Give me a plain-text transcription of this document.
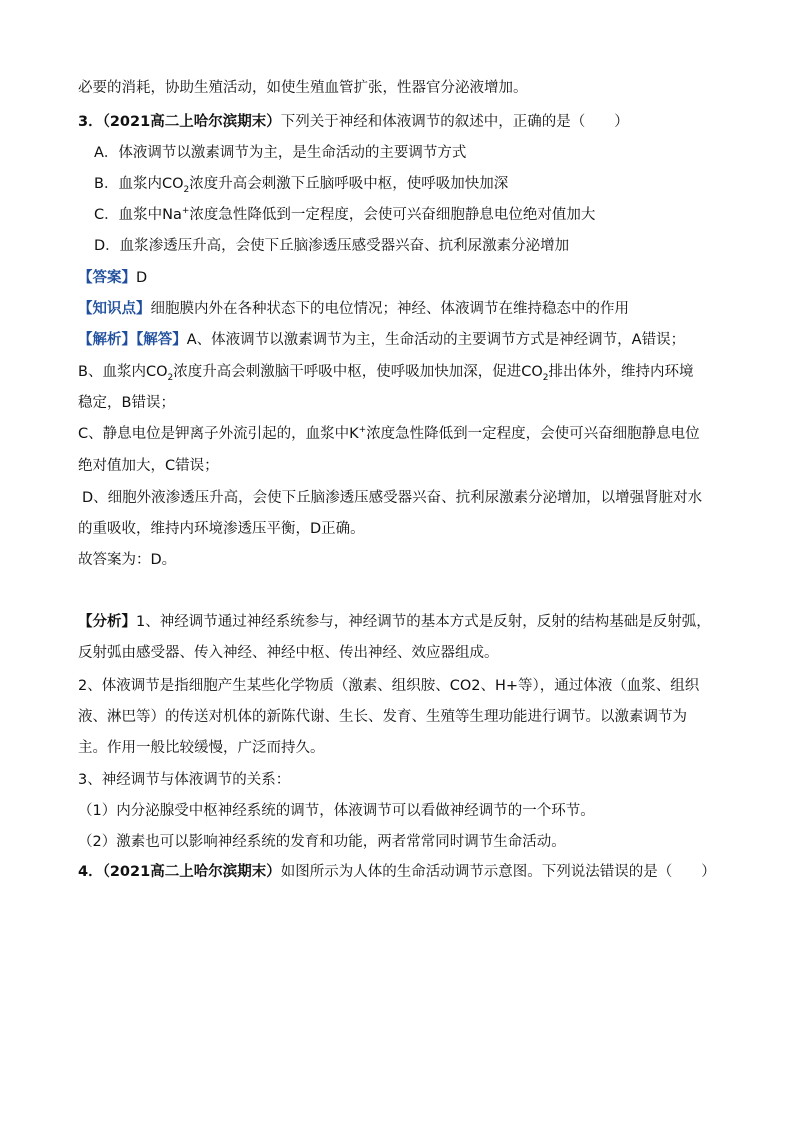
必要的消耗，协助生殖活动，如使生殖血管扩张，性器官分泌液增加。
3．（2021高二上哈尔滨期末）下列关于神经和体液调节的叙述中，正确的是（　　）
A．体液调节以激素调节为主，是生命活动的主要调节方式
B．血浆内$CO_2$浓度升高会刺激下丘脑呼吸中枢，使呼吸加快加深
C．血浆中Na+浓度急性降低到一定程度，会使可兴奋细胞静息电位绝对值加大
D．血浆渗透压升高，会使下丘脑渗透压感受器兴奋、抗利尿激素分泌增加
【答案】D
【知识点】细胞膜内外在各种状态下的电位情况；神经、体液调节在维持稳态中的作用
【解析】【解答】A、体液调节以激素调节为主，生命活动的主要调节方式是神经调节，A错误；
B、血浆内$CO_2$浓度升高会刺激脑干呼吸中枢，使呼吸加快加深，促进$CO_2$排出体外，维持内环境
稳定，B错误；
C、静息电位是钾离子外流引起的，血浆中K+浓度急性降低到一定程度，会使可兴奋细胞静息电位
绝对值加大，C错误；
D、细胞外液渗透压升高，会使下丘脑渗透压感受器兴奋、抗利尿激素分泌增加，以增强肾脏对水
的重吸收，维持内环境渗透压平衡，D正确。
故答案为：D。
【分析】1、神经调节通过神经系统参与，神经调节的基本方式是反射，反射的结构基础是反射弧，
反射弧由感受器、传入神经、神经中枢、传出神经、效应器组成。
2、体液调节是指细胞产生某些化学物质（激素、组织胺、CO2、H+等），通过体液（血浆、组织
液、淋巴等）的传送对机体的新陈代谢、生长、发育、生殖等生理功能进行调节。以激素调节为
主。作用一般比较缓慢，广泛而持久。
3、神经调节与体液调节的关系：
（1）内分泌腺受中枢神经系统的调节，体液调节可以看做神经调节的一个环节。
（2）激素也可以影响神经系统的发育和功能，两者常常同时调节生命活动。
4．（2021高二上哈尔滨期末）如图所示为人体的生命活动调节示意图。下列说法错误的是（　　）
